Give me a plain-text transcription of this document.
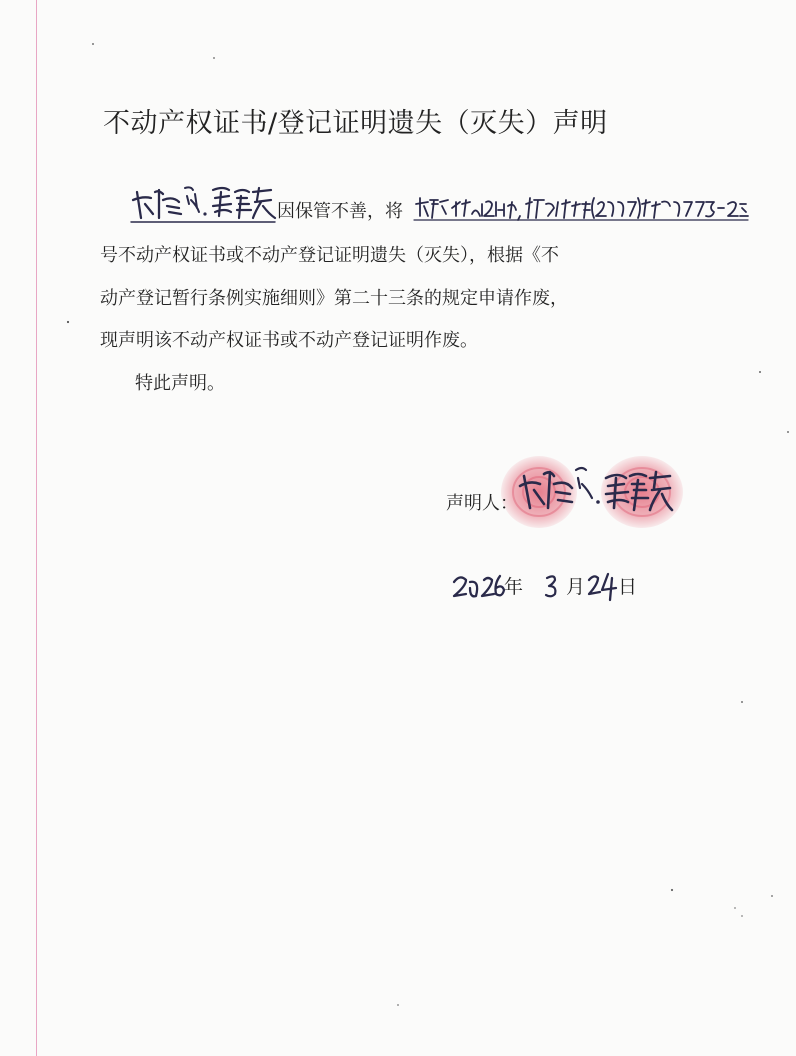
不动产权证书/登记证明遗失（灭失）声明
因保管不善，将
号不动产权证书或不动产登记证明遗失（灭失），根据《不
动产登记暂行条例实施细则》第二十三条的规定申请作废，
现声明该不动产权证书或不动产登记证明作废。
特此声明。
声明人：
年 月 日
